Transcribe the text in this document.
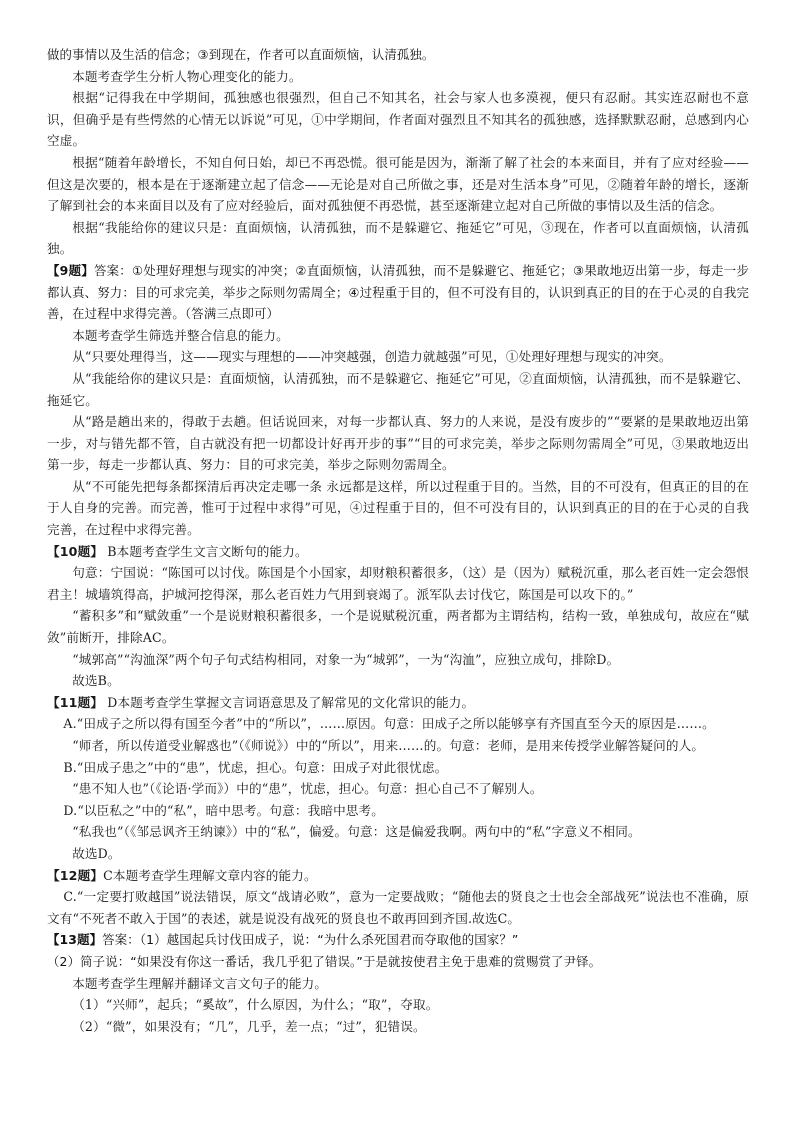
做的事情以及生活的信念；③到现在，作者可以直面烦恼，认清孤独。

本题考查学生分析人物心理变化的能力。

根据“记得我在中学期间，孤独感也很强烈，但自己不知其名，社会与家人也多漠视，便只有忍耐。其实连忍耐也不意识，但确乎是有些愕然的心情无以诉说”可见，①中学期间，作者面对强烈且不知其名的孤独感，选择默默忍耐，总感到内心空虚。

根据“随着年龄增长，不知自何日始，却已不再恐慌。很可能是因为，渐渐了解了社会的本来面目，并有了应对经验——但这是次要的，根本是在于逐渐建立起了信念——无论是对自己所做之事，还是对生活本身”可见，②随着年龄的增长，逐渐了解到社会的本来面目以及有了应对经验后，面对孤独便不再恐慌，甚至逐渐建立起对自己所做的事情以及生活的信念。

根据“我能给你的建议只是：直面烦恼，认清孤独，而不是躲避它、拖延它”可见，③现在，作者可以直面烦恼，认清孤独。

【9题】答案：①处理好理想与现实的冲突；②直面烦恼，认清孤独，而不是躲避它、拖延它；③果敢地迈出第一步，每走一步都认真、努力：目的可求完美，举步之际则勿需周全；④过程重于目的，但不可没有目的，认识到真正的目的在于心灵的自我完善，在过程中求得完善。（答满三点即可）

本题考查学生筛选并整合信息的能力。

从“只要处理得当，这——现实与理想的——冲突越强，创造力就越强”可见，①处理好理想与现实的冲突。

从“我能给你的建议只是：直面烦恼，认清孤独，而不是躲避它、拖延它”可见，②直面烦恼，认清孤独，而不是躲避它、拖延它。

从“路是趟出来的，得敢于去趟。但话说回来，对每一步都认真、努力的人来说，是没有废步的”“要紧的是果敢地迈出第一步，对与错先都不管，自古就没有把一切都设计好再开步的事”“目的可求完美，举步之际则勿需周全”可见，③果敢地迈出第一步，每走一步都认真、努力：目的可求完美，举步之际则勿需周全。

从“不可能先把每条都探清后再决定走哪一条 永远都是这样，所以过程重于目的。当然，目的不可没有，但真正的目的在于人自身的完善。而完善，惟可于过程中求得”可见，④过程重于目的，但不可没有目的，认识到真正的目的在于心灵的自我完善，在过程中求得完善。

【10题】 B本题考查学生文言文断句的能力。

句意：宁国说：“陈国可以讨伐。陈国是个小国家，却财粮积蓄很多，（这）是（因为）赋税沉重，那么老百姓一定会怨恨君主！城墙筑得高，护城河挖得深，那么老百姓力气用到衰竭了。派军队去讨伐它，陈国是可以攻下的。”

“蓄积多”和“赋敛重”一个是说财粮积蓄很多，一个是说赋税沉重，两者都为主谓结构，结构一致，单独成句，故应在“赋敛”前断开，排除AC。

“城郭高”“沟洫深”两个句子句式结构相同，对象一为“城郭”，一为“沟洫”，应独立成句，排除D。

故选B。

【11题】 D本题考查学生掌握文言词语意思及了解常见的文化常识的能力。

A.“田成子之所以得有国至今者”中的“所以”，……原因。句意：田成子之所以能够享有齐国直至今天的原因是……。

“师者，所以传道受业解惑也”（《师说》）中的“所以”，用来……的。句意：老师，是用来传授学业解答疑问的人。

B.“田成子患之”中的“患”，忧虑，担心。句意：田成子对此很忧虑。

“患不知人也”（《论语·学而》）中的“患”，忧虑，担心。句意：担心自己不了解别人。

D.“以臣私之”中的“私”，暗中思考。句意：我暗中思考。

“私我也”（《邹忌讽齐王纳谏》）中的“私”，偏爱。句意：这是偏爱我啊。两句中的“私”字意义不相同。

故选D。

【12题】C本题考查学生理解文章内容的能力。

C.“一定要打败越国”说法错误，原文“战请必败”，意为一定要战败；“随他去的贤良之士也会全部战死”说法也不准确，原文有“不死者不敢入于国”的表述，就是说没有战死的贤良也不敢再回到齐国.故选C。

【13题】答案：（1）越国起兵讨伐田成子，说：“为什么杀死国君而夺取他的国家？”

（2）简子说：“如果没有你这一番话，我几乎犯了错误。”于是就按使君主免于患难的赏赐赏了尹铎。

本题考查学生理解并翻译文言文句子的能力。

（1）“兴师”，起兵；“奚故”，什么原因，为什么；“取”，夺取。

（2）“微”，如果没有；“几”，几乎，差一点；“过”，犯错误。
